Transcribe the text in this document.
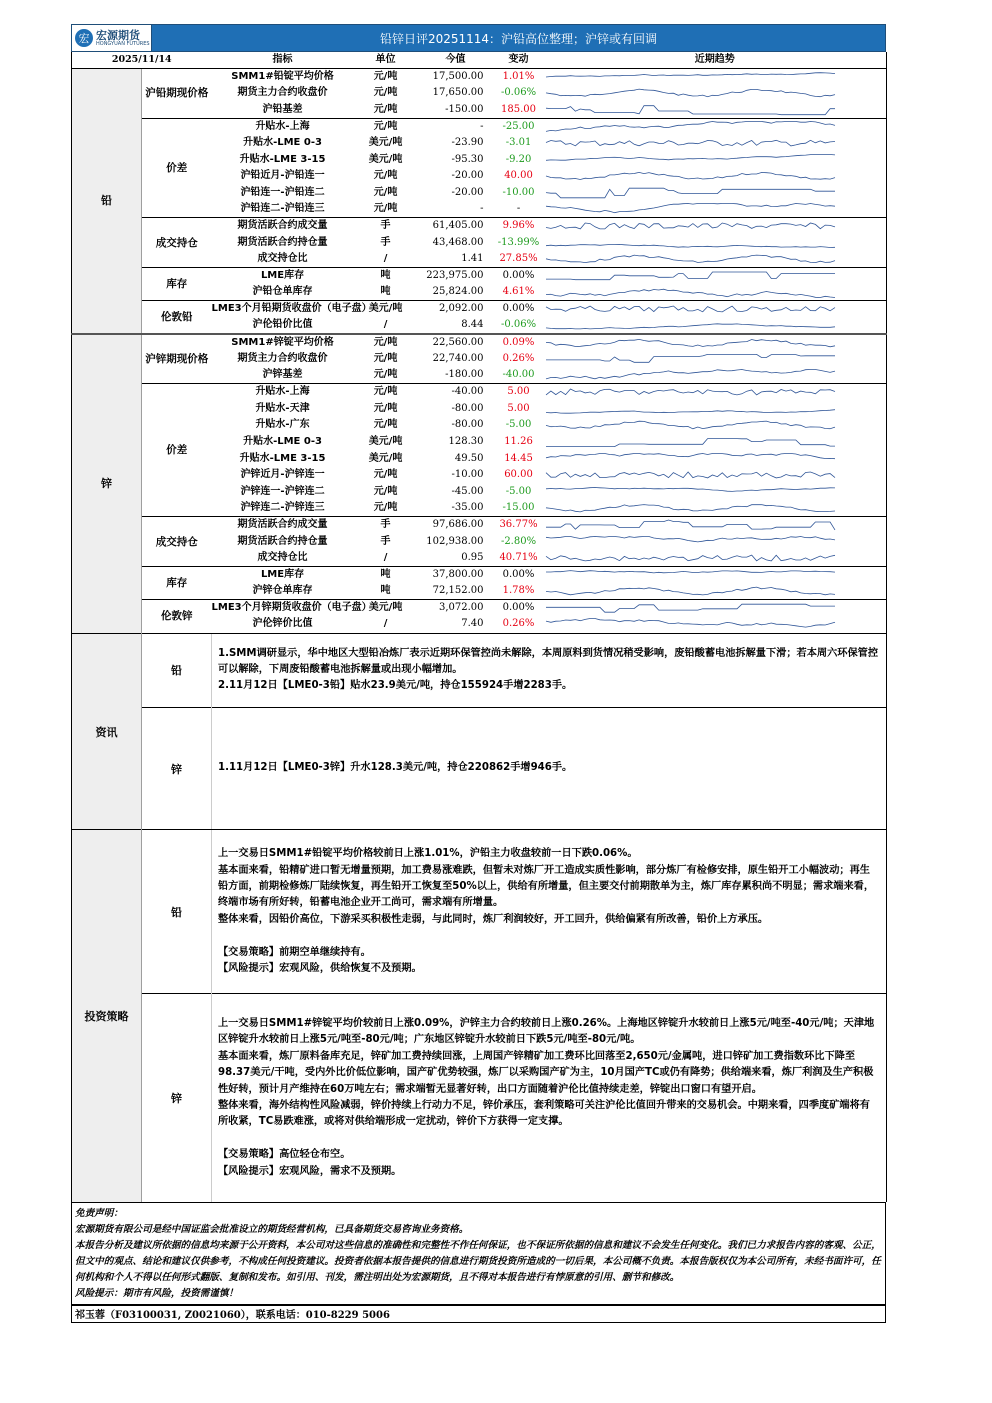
宏 宏源期货
HONGYUAN FUTURES	铅锌日评20251114：沪铅高位整理；沪锌或有回调
2025/11/14		指标	单位	今值	变动	近期趋势
铅	沪铅期现价格	SMM1#铅锭平均价格	元/吨	17,500.00	1.01%	

		期货主力合约收盘价	元/吨	17,650.00	-0.06%	

		沪铅基差	元/吨	-150.00	185.00	

	价差	升贴水-上海	元/吨	-	-25.00	

		升贴水-LME 0-3	美元/吨	-23.90	-3.01	

		升贴水-LME 3-15	美元/吨	-95.30	-9.20	

		沪铅近月-沪铅连一	元/吨	-20.00	40.00	

		沪铅连一-沪铅连二	元/吨	-20.00	-10.00	

		沪铅连二-沪铅连三	元/吨	-	-	

	成交持仓	期货活跃合约成交量	手	61,405.00	9.96%	

		期货活跃合约持仓量	手	43,468.00	-13.99%	

		成交持仓比	/	1.41	27.85%	

	库存	LME库存	吨	223,975.00	0.00%	

		沪铅仓单库存	吨	25,824.00	4.61%	

	伦敦铅	LME3个月铅期货收盘价（电子盘）	美元/吨	2,092.00	0.00%	

		沪伦铅价比值	/	8.44	-0.06%	

锌	沪锌期现价格	SMM1#锌锭平均价格	元/吨	22,560.00	0.09%	

		期货主力合约收盘价	元/吨	22,740.00	0.26%	

		沪锌基差	元/吨	-180.00	-40.00	

	价差	升贴水-上海	元/吨	-40.00	5.00	

		升贴水-天津	元/吨	-80.00	5.00	

		升贴水-广东	元/吨	-80.00	-5.00	

		升贴水-LME 0-3	美元/吨	128.30	11.26	

		升贴水-LME 3-15	美元/吨	49.50	14.45	

		沪锌近月-沪锌连一	元/吨	-10.00	60.00	

		沪锌连一-沪锌连二	元/吨	-45.00	-5.00	

		沪锌连二-沪锌连三	元/吨	-35.00	-15.00	

	成交持仓	期货活跃合约成交量	手	97,686.00	36.77%	

		期货活跃合约持仓量	手	102,938.00	-2.80%	

		成交持仓比	/	0.95	40.71%	

	库存	LME库存	吨	37,800.00	0.00%	

		沪锌仓单库存	吨	72,152.00	1.78%	

	伦敦锌	LME3个月锌期货收盘价（电子盘）	美元/吨	3,072.00	0.00%	

		沪伦锌价比值	/	7.40	0.26%	
资讯	铅	1.SMM调研显示，华中地区大型铅冶炼厂表示近期环保管控尚未解除，本周原料到货情况稍受影响，废铅酸蓄电池拆解量下滑；若本周六环保管控可以解除，下周废铅酸蓄电池拆解量或出现小幅增加。
2.11月12日【LME0-3铅】贴水23.9美元/吨，持仓155924手增2283手。

	锌	1.11月12日【LME0-3锌】升水128.3美元/吨，持仓220862手增946手。
投资策略	铅	上一交易日SMM1#铅锭平均价格较前日上涨1.01%，沪铅主力收盘较前一日下跌0.06%。
基本面来看，铅精矿进口暂无增量预期，加工费易涨难跌，但暂未对炼厂开工造成实质性影响，部分炼厂有检修安排，原生铅开工小幅波动；再生铅方面，前期检修炼厂陆续恢复，再生铅开工恢复至50%以上，供给有所增量，但主要交付前期散单为主，炼厂库存累积尚不明显；需求端来看，终端市场有所好转，铅蓄电池企业开工尚可，需求端有所增量。
整体来看，因铅价高位，下游采买积极性走弱，与此同时，炼厂利润较好，开工回升，供给偏紧有所改善，铅价上方承压。
【交易策略】前期空单继续持有。
【风险提示】宏观风险，供给恢复不及预期。

	锌	上一交易日SMM1#锌锭平均价较前日上涨0.09%，沪锌主力合约较前日上涨0.26%。上海地区锌锭升水较前日上涨5元/吨至-40元/吨；天津地区锌锭升水较前日上涨5元/吨至-80元/吨；广东地区锌锭升水较前日下跌5元/吨至-80元/吨。
基本面来看，炼厂原料备库充足，锌矿加工费持续回涨，上周国产锌精矿加工费环比回落至2,650元/金属吨，进口锌矿加工费指数环比下降至98.37美元/干吨，受内外比价低位影响，国产矿优势较强，炼厂以采购国产矿为主，10月国产TC或仍有降势；供给端来看，炼厂利润及生产积极性好转，预计月产维持在60万吨左右；需求端暂无显著好转，出口方面随着沪伦比值持续走差，锌锭出口窗口有望开启。
整体来看，海外结构性风险减弱，锌价持续上行动力不足，锌价承压，套利策略可关注沪伦比值回升带来的交易机会。中期来看，四季度矿端将有所收紧，TC易跌难涨，或将对供给端形成一定扰动，锌价下方获得一定支撑。
【交易策略】高位轻仓布空。
【风险提示】宏观风险，需求不及预期。
免责声明：
宏源期货有限公司是经中国证监会批准设立的期货经营机构，已具备期货交易咨询业务资格。
本报告分析及建议所依据的信息均来源于公开资料，本公司对这些信息的准确性和完整性不作任何保证，也不保证所依据的信息和建议不会发生任何变化。我们已力求报告内容的客观、公正，但文中的观点、结论和建议仅供参考，不构成任何投资建议。投资者依据本报告提供的信息进行期货投资所造成的一切后果，本公司概不负责。本报告版权仅为本公司所有，未经书面许可，任何机构和个人不得以任何形式翻版、复制和发布。如引用、刊发，需注明出处为宏源期货，且不得对本报告进行有悖原意的引用、删节和修改。
风险提示：期市有风险，投资需谨慎！
祁玉蓉（F03100031, Z0021060），联系电话：010-8229 5006
